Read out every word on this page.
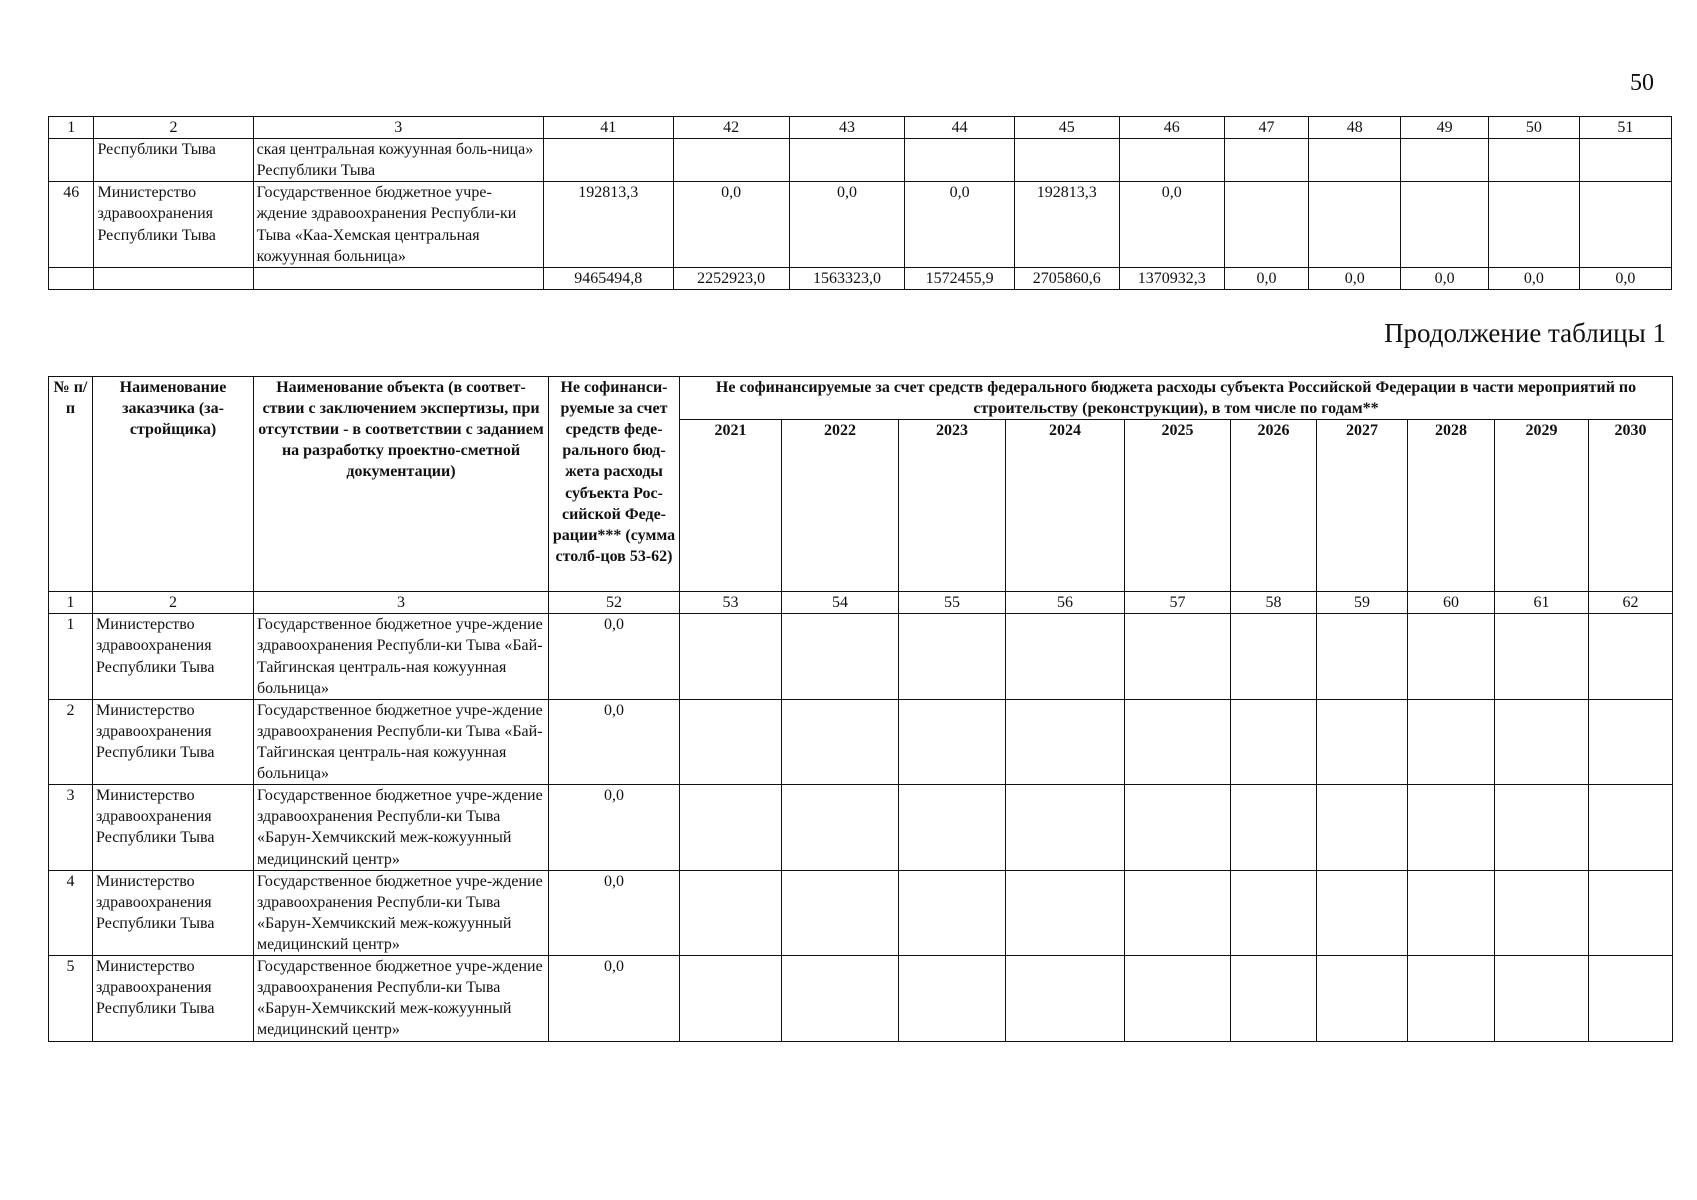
50
1	2	3	41	42	43	44	45	46	47	48	49	50	51
	Республики Тыва	ская центральная кожуунная боль-ница» Республики Тыва											
46	Министерство здравоохранения Республики Тыва	Государственное бюджетное учре-ждение здравоохранения Республи-ки Тыва «Каа-Хемская центральная кожуунная больница»	192813,3	0,0	0,0	0,0	192813,3	0,0					
			9465494,8	2252923,0	1563323,0	1572455,9	2705860,6	1370932,3	0,0	0,0	0,0	0,0	0,0
Продолжение таблицы 1
№ п/п	Наименование заказчика (за-стройщика)	Наименование объекта (в соответ-ствии с заключением экспертизы, при отсутствии - в соответствии с заданием на разработку проектно-сметной документации)	Не софинанси-руемые за счет средств феде-рального бюд-жета расходы субъекта Рос-сийской Феде-рации*** (сумма столб-цов 53-62)	Не софинансируемые за счет средств федерального бюджета расходы субъекта Российской Федерации в части мероприятий по строительству (реконструкции), в том числе по годам**									
				2021	2022	2023	2024	2025	2026	2027	2028	2029	2030
1	2	3	52	53	54	55	56	57	58	59	60	61	62
1	Министерство здравоохранения Республики Тыва	Государственное бюджетное учре-ждение здравоохранения Республи-ки Тыва «Бай-Тайгинская централь-ная кожуунная больница»	0,0										
2	Министерство здравоохранения Республики Тыва	Государственное бюджетное учре-ждение здравоохранения Республи-ки Тыва «Бай-Тайгинская централь-ная кожуунная больница»	0,0										
3	Министерство здравоохранения Республики Тыва	Государственное бюджетное учре-ждение здравоохранения Республи-ки Тыва «Барун-Хемчикский меж-кожуунный медицинский центр»	0,0										
4	Министерство здравоохранения Республики Тыва	Государственное бюджетное учре-ждение здравоохранения Республи-ки Тыва «Барун-Хемчикский меж-кожуунный медицинский центр»	0,0										
5	Министерство здравоохранения Республики Тыва	Государственное бюджетное учре-ждение здравоохранения Республи-ки Тыва «Барун-Хемчикский меж-кожуунный медицинский центр»	0,0										
